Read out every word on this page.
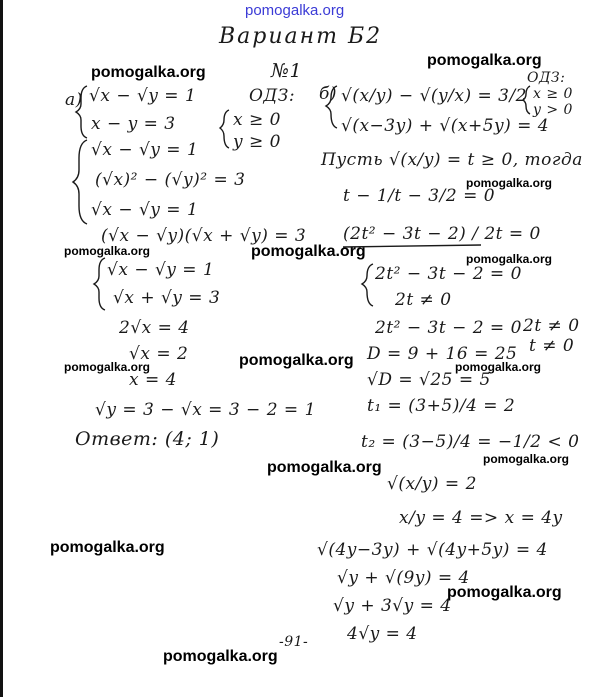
pomogalka.org
pomogalka.org
pomogalka.org
pomogalka.org
pomogalka.org	pomogalka.org	pomogalka.org
pomogalka.org
pomogalka.org	pomogalka.org
pomogalka.org	pomogalka.org
pomogalka.org
pomogalka.org
pomogalka.org
Вариант Б2
№1
а) √x − √y = 1
x − y = 3
ОДЗ:
x ≥ 0
y ≥ 0
√x − √y = 1
(√x)² − (√y)² = 3
√x − √y = 1
(√x − √y)(√x + √y) = 3
√x − √y = 1
√x + √y = 3
2√x = 4
√x = 2
x = 4
√y = 3 − √x = 3 − 2 = 1
Ответ: (4; 1)
б) √(x/y) − √(y/x) = 3/2
ОДЗ:
x ≥ 0
y > 0
√(x−3y) + √(x+5y) = 4
Пусть √(x/y) = t ≥ 0, тогда
t − 1/t − 3/2 = 0
(2t² − 3t − 2) / 2t = 0
2t² − 3t − 2 = 0
2t ≠ 0
2t² − 3t − 2 = 0 2t ≠ 0
t ≠ 0
D = 9 + 16 = 25
√D = √25 = 5
t₁ = (3+5)/4 = 2
t₂ = (3−5)/4 = −1/2 < 0
√(x/y) = 2
x/y = 4 => x = 4y
√(4y−3y) + √(4y+5y) = 4
√y + √(9y) = 4
√y + 3√y = 4
4√y = 4
-91-
